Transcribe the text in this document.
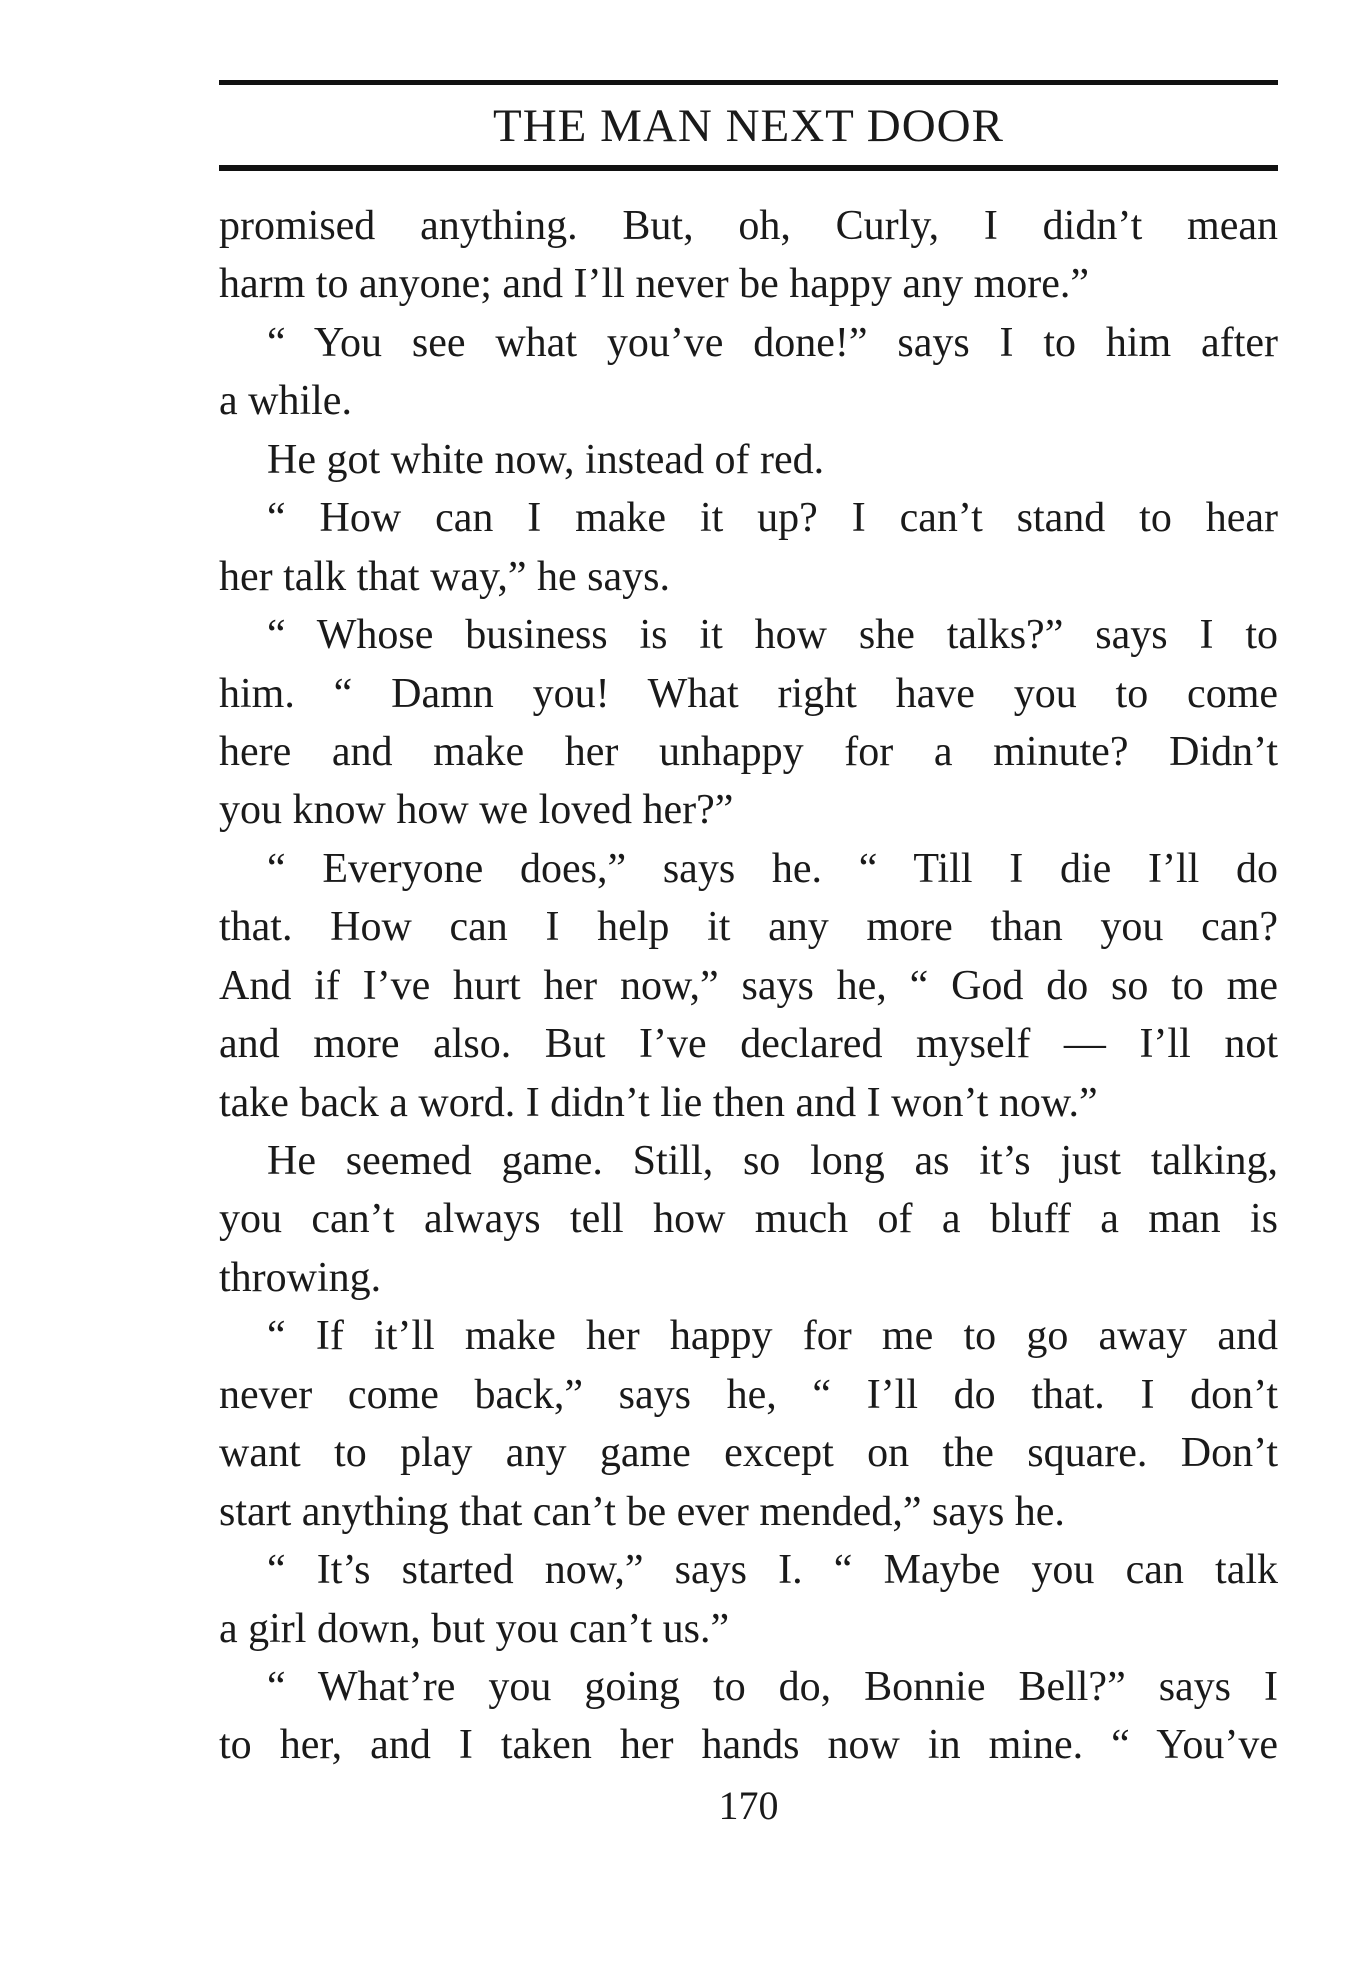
THE MAN NEXT DOOR
promised anything. But, oh, Curly, I didn’t mean
harm to anyone; and I’ll never be happy any more.”
“ You see what you’ve done!” says I to him after
a while.
He got white now, instead of red.
“ How can I make it up? I can’t stand to hear
her talk that way,” he says.
“ Whose business is it how she talks?” says I to
him. “ Damn you! What right have you to come
here and make her unhappy for a minute? Didn’t
you know how we loved her?”
“ Everyone does,” says he. “ Till I die I’ll do
that. How can I help it any more than you can?
And if I’ve hurt her now,” says he, “ God do so to me
and more also. But I’ve declared myself — I’ll not
take back a word. I didn’t lie then and I won’t now.”
He seemed game. Still, so long as it’s just talking,
you can’t always tell how much of a bluff a man is
throwing.
“ If it’ll make her happy for me to go away and
never come back,” says he, “ I’ll do that. I don’t
want to play any game except on the square. Don’t
start anything that can’t be ever mended,” says he.
“ It’s started now,” says I. “ Maybe you can talk
a girl down, but you can’t us.”
“ What’re you going to do, Bonnie Bell?” says I
to her, and I taken her hands now in mine. “ You’ve
170
